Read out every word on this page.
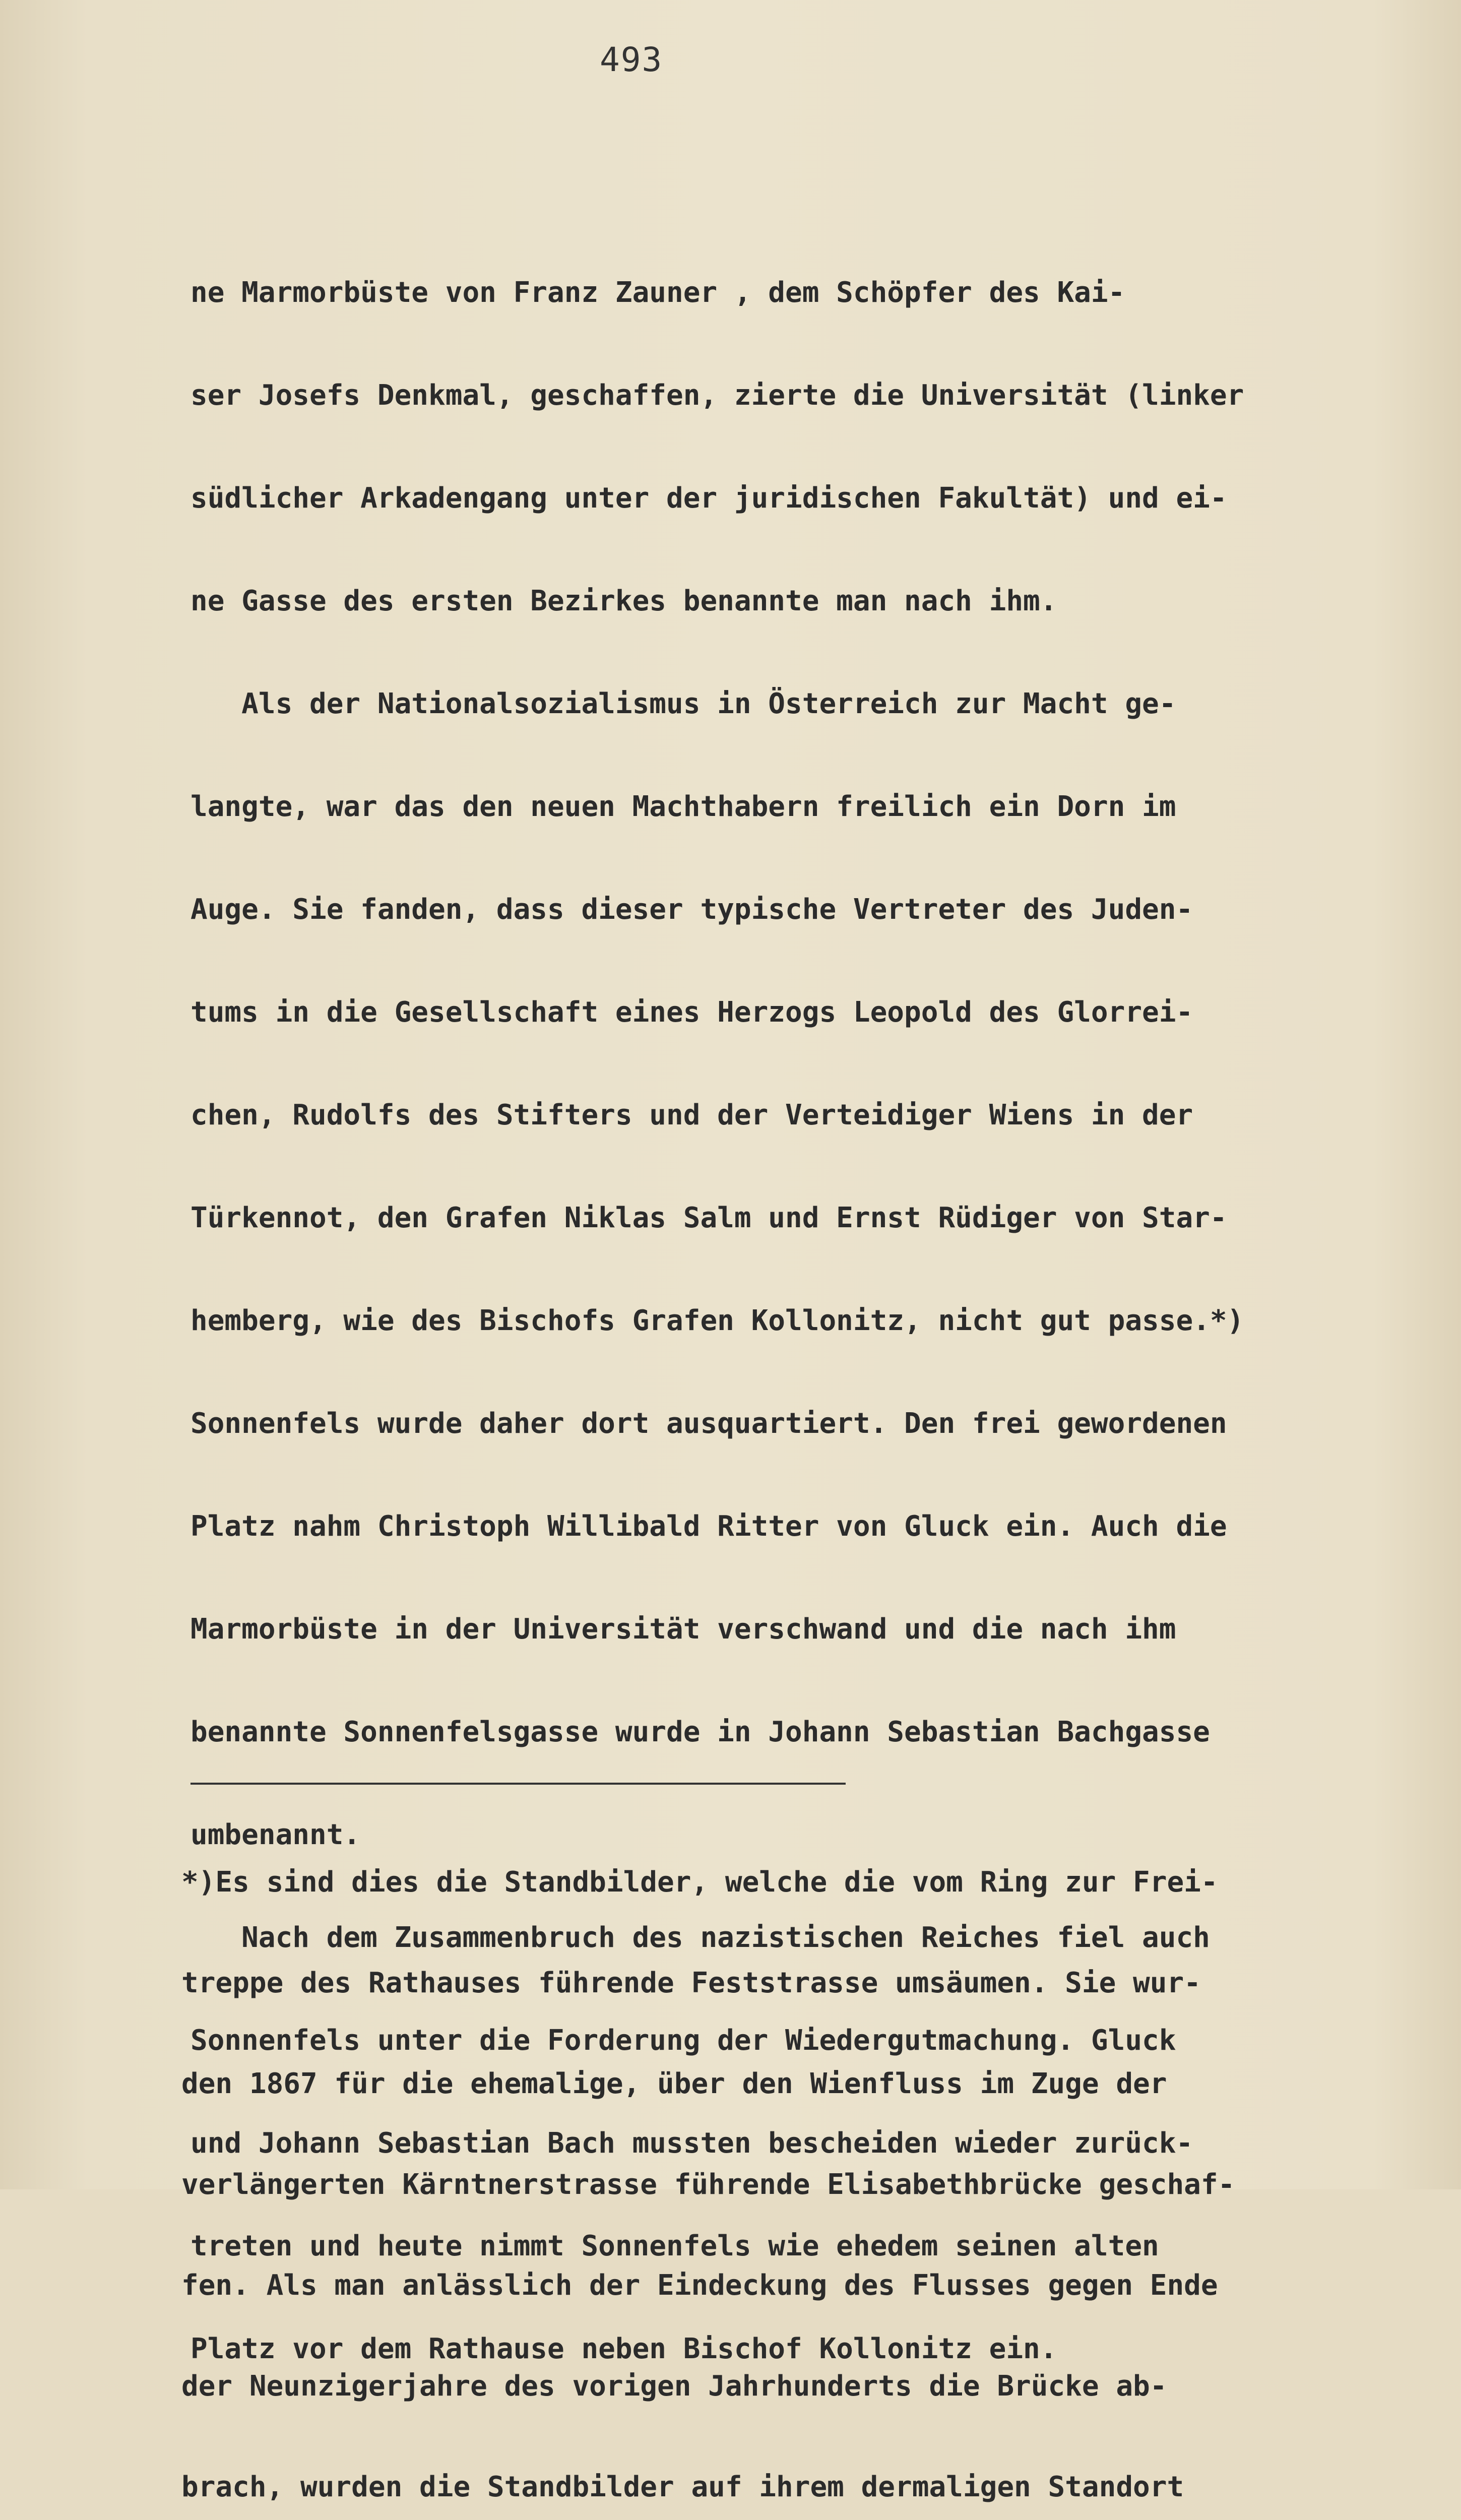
493

ne Marmorbüste von Franz Zauner , dem Schöpfer des Kai-

ser Josefs Denkmal, geschaffen, zierte die Universität (linker

südlicher Arkadengang unter der juridischen Fakultät) und ei-

ne Gasse des ersten Bezirkes benannte man nach ihm.

Als der Nationalsozialismus in Österreich zur Macht ge-

langte, war das den neuen Machthabern freilich ein Dorn im

Auge. Sie fanden, dass dieser typische Vertreter des Juden-

tums in die Gesellschaft eines Herzogs Leopold des Glorrei-

chen, Rudolfs des Stifters und der Verteidiger Wiens in der

Türkennot, den Grafen Niklas Salm und Ernst Rüdiger von Star-

hemberg, wie des Bischofs Grafen Kollonitz, nicht gut passe.*)

Sonnenfels wurde daher dort ausquartiert. Den frei gewordenen

Platz nahm Christoph Willibald Ritter von Gluck ein. Auch die

Marmorbüste in der Universität verschwand und die nach ihm

benannte Sonnenfelsgasse wurde in Johann Sebastian Bachgasse

umbenannt.

Nach dem Zusammenbruch des nazistischen Reiches fiel auch

Sonnenfels unter die Forderung der Wiedergutmachung. Gluck

und Johann Sebastian Bach mussten bescheiden wieder zurück-

treten und heute nimmt Sonnenfels wie ehedem seinen alten

Platz vor dem Rathause neben Bischof Kollonitz ein.

*)Es sind dies die Standbilder, welche die vom Ring zur Frei-

treppe des Rathauses führende Feststrasse umsäumen. Sie wur-

den 1867 für die ehemalige, über den Wienfluss im Zuge der

verlängerten Kärntnerstrasse führende Elisabethbrücke geschaf-

fen. Als man anlässlich der Eindeckung des Flusses gegen Ende

der Neunzigerjahre des vorigen Jahrhunderts die Brücke ab-

brach, wurden die Standbilder auf ihrem dermaligen Standort
